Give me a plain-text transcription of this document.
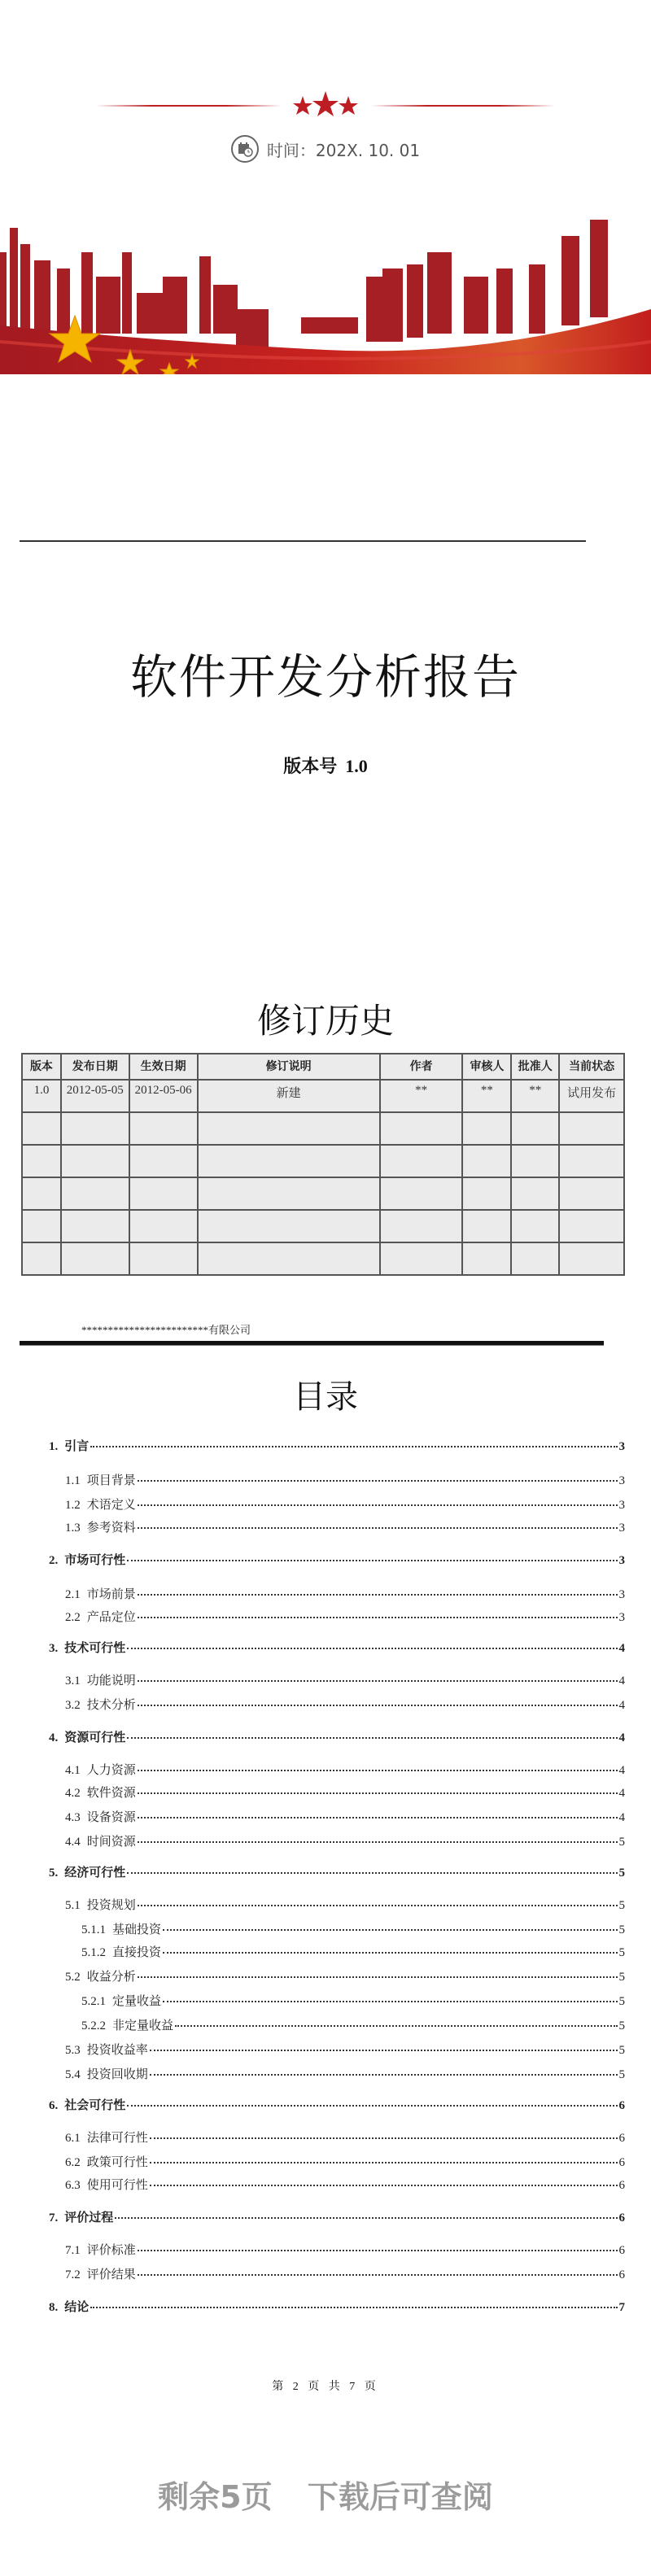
时间：202X. 10. 01
软件开发分析报告
版本号 1.0
修订历史
版本	发布日期	生效日期	修订说明	作者	审核人	批准人	当前状态
1.0	2012-05-05	2012-05-06	新建	**	**	**	试用发布

************************有限公司
目录
1. 引言	3
1.1 项目背景	3
1.2 术语定义	3
1.3 参考资料	3
2. 市场可行性	3
2.1 市场前景	3
2.2 产品定位	3
3. 技术可行性	4
3.1 功能说明	4
3.2 技术分析	4
4. 资源可行性	4
4.1 人力资源	4
4.2 软件资源	4
4.3 设备资源	4
4.4 时间资源	5
5. 经济可行性	5
5.1 投资规划	5
5.1.1 基础投资	5
5.1.2 直接投资	5
5.2 收益分析	5
5.2.1 定量收益	5
5.2.2 非定量收益	5
5.3 投资收益率	5
5.4 投资回收期	5
6. 社会可行性	6
6.1 法律可行性	6
6.2 政策可行性	6
6.3 使用可行性	6
7. 评价过程	6
7.1 评价标准	6
7.2 评价结果	6
8. 结论	7
第 2 页 共 7 页
剩余5页 下载后可查阅
